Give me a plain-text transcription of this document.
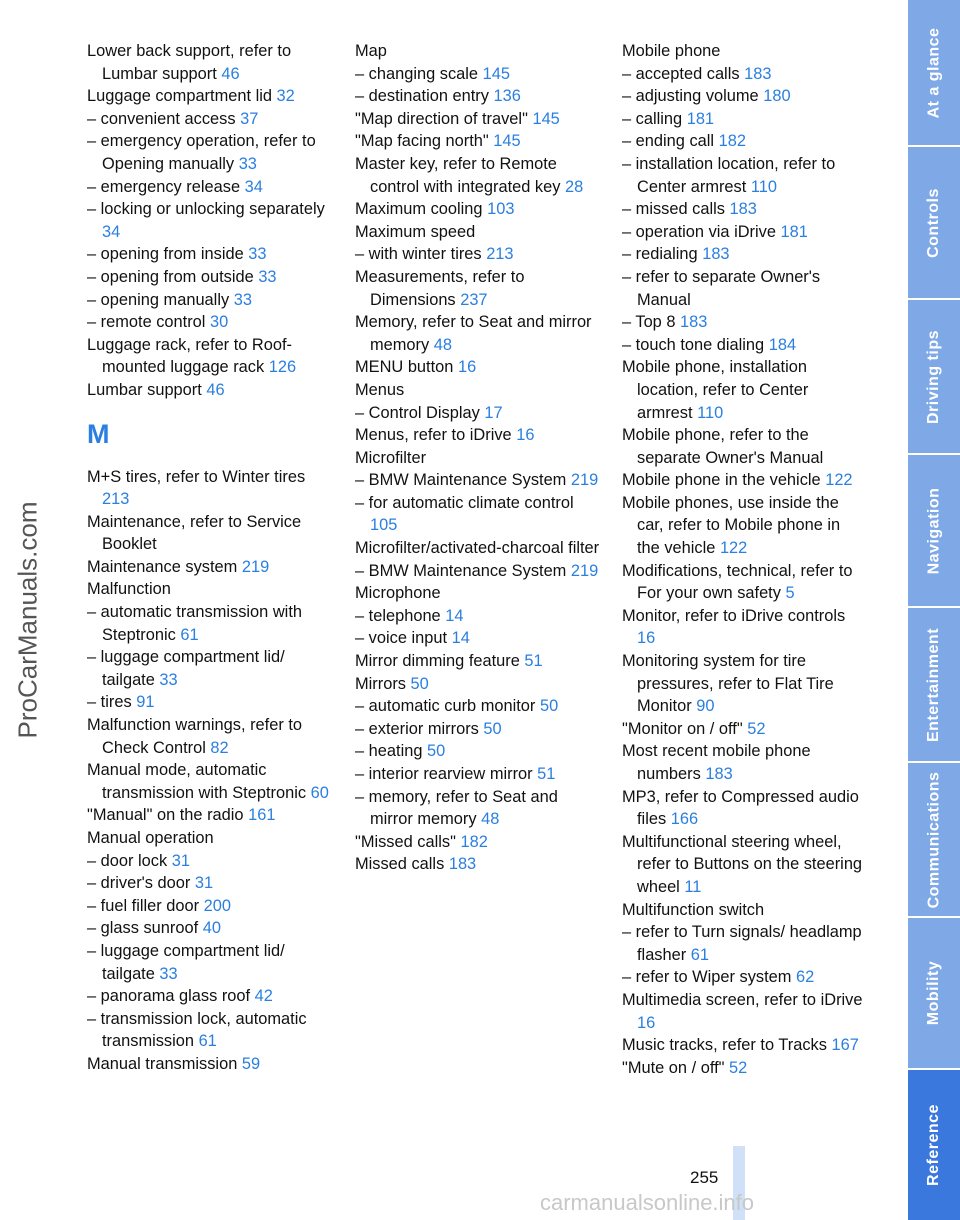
Lower back support, refer to Lumbar support 46

Luggage compartment lid 32

– convenient access 37

– emergency operation, refer to Opening manually 33

– emergency release 34

– locking or unlocking separately 34

– opening from inside 33

– opening from outside 33

– opening manually 33

– remote control 30

Luggage rack, refer to Roof-mounted luggage rack 126

Lumbar support 46

M

M+S tires, refer to Winter tires 213

Maintenance, refer to Service Booklet

Maintenance system 219

Malfunction

– automatic transmission with Steptronic 61

– luggage compartment lid/ tailgate 33

– tires 91

Malfunction warnings, refer to Check Control 82

Manual mode, automatic transmission with Steptronic 60

"Manual" on the radio 161

Manual operation

– door lock 31

– driver's door 31

– fuel filler door 200

– glass sunroof 40

– luggage compartment lid/ tailgate 33

– panorama glass roof 42

– transmission lock, automatic transmission 61

Manual transmission 59

Map

– changing scale 145

– destination entry 136

"Map direction of travel" 145

"Map facing north" 145

Master key, refer to Remote control with integrated key 28

Maximum cooling 103

Maximum speed

– with winter tires 213

Measurements, refer to Dimensions 237

Memory, refer to Seat and mirror memory 48

MENU button 16

Menus

– Control Display 17

Menus, refer to iDrive 16

Microfilter

– BMW Maintenance System 219

– for automatic climate control 105

Microfilter/activated-charcoal filter

– BMW Maintenance System 219

Microphone

– telephone 14

– voice input 14

Mirror dimming feature 51

Mirrors 50

– automatic curb monitor 50

– exterior mirrors 50

– heating 50

– interior rearview mirror 51

– memory, refer to Seat and mirror memory 48

"Missed calls" 182

Missed calls 183

Mobile phone

– accepted calls 183

– adjusting volume 180

– calling 181

– ending call 182

– installation location, refer to Center armrest 110

– missed calls 183

– operation via iDrive 181

– redialing 183

– refer to separate Owner's Manual

– Top 8 183

– touch tone dialing 184

Mobile phone, installation location, refer to Center armrest 110

Mobile phone, refer to the separate Owner's Manual

Mobile phone in the vehicle 122

Mobile phones, use inside the car, refer to Mobile phone in the vehicle 122

Modifications, technical, refer to For your own safety 5

Monitor, refer to iDrive controls 16

Monitoring system for tire pressures, refer to Flat Tire Monitor 90

"Monitor on / off" 52

Most recent mobile phone numbers 183

MP3, refer to Compressed audio files 166

Multifunctional steering wheel, refer to Buttons on the steering wheel 11

Multifunction switch

– refer to Turn signals/ headlamp flasher 61

– refer to Wiper system 62

Multimedia screen, refer to iDrive 16

Music tracks, refer to Tracks 167

"Mute on / off" 52

At a glance
Controls
Driving tips
Navigation
Entertainment
Communications
Mobility
Reference
255
ProCarManuals.com
carmanualsonline.info
